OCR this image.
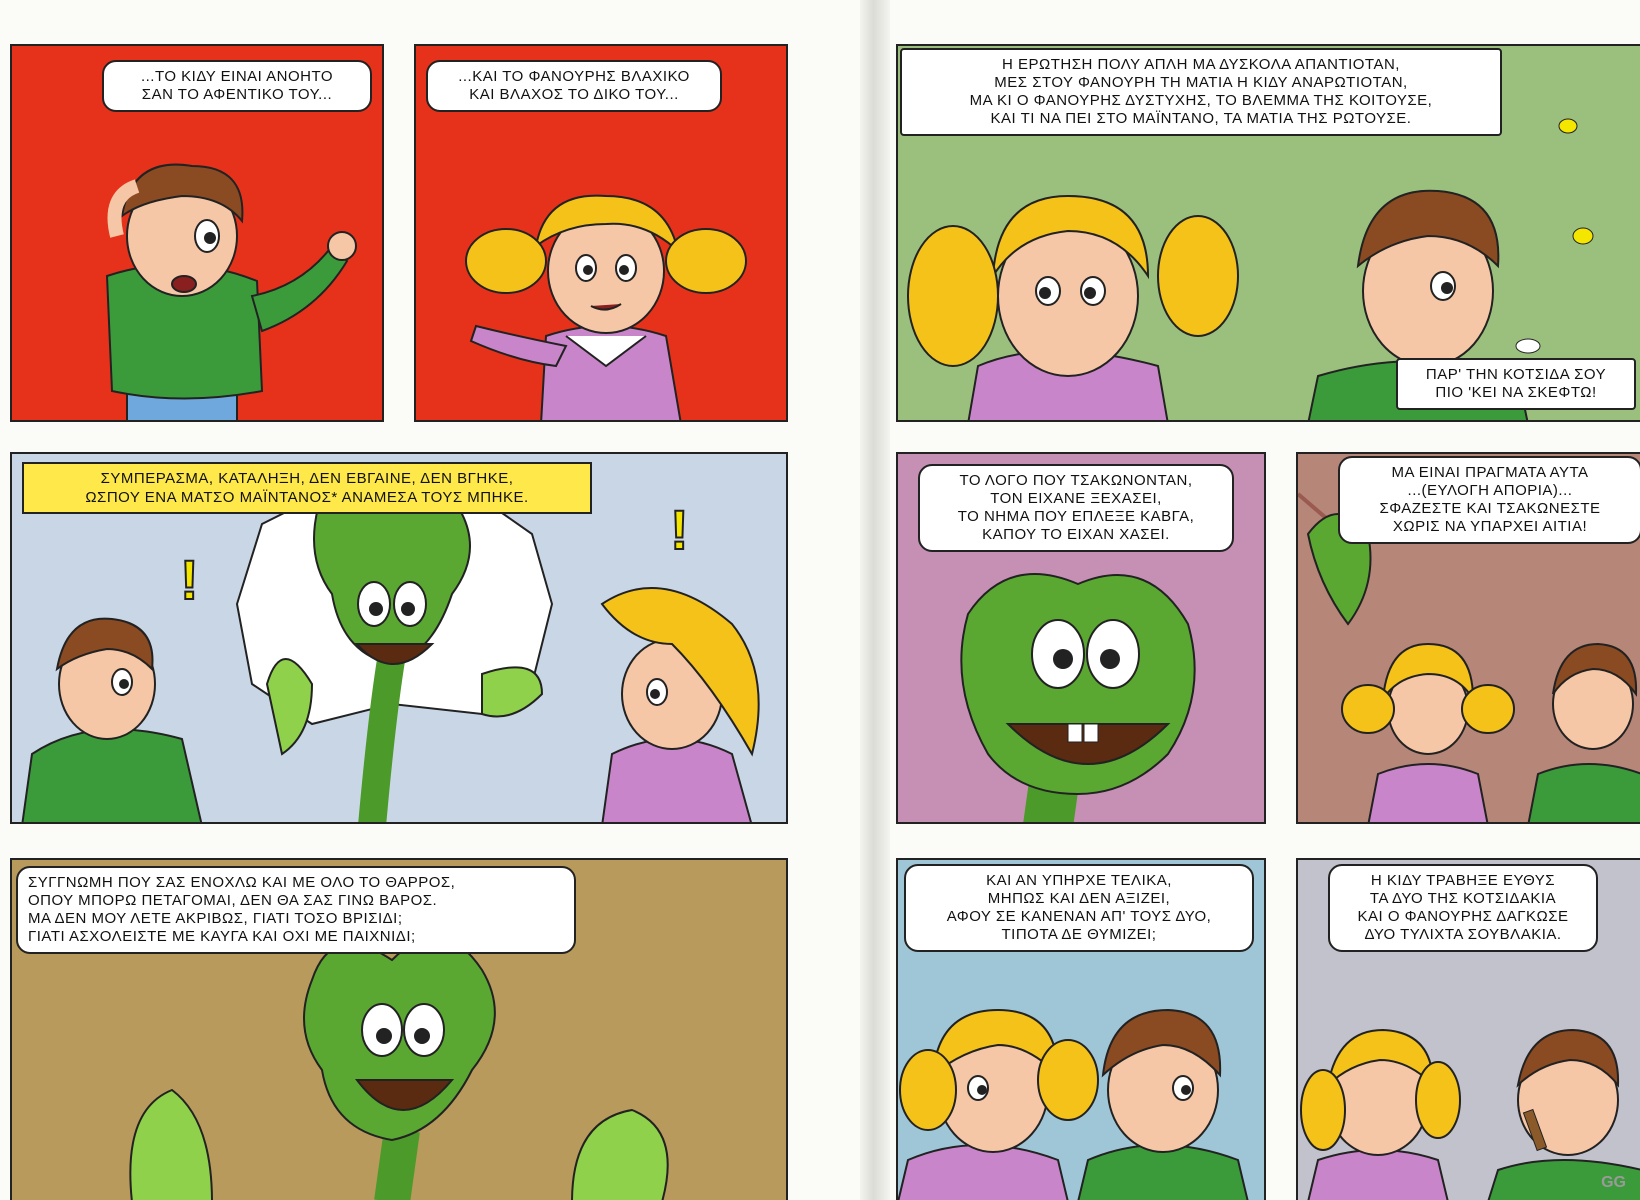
...ΤΟ ΚΙΔΥ ΕΙΝΑΙ ΑΝΟΗΤΟ
ΣΑΝ ΤΟ ΑΦΕΝΤΙΚΟ ΤΟΥ...
...ΚΑΙ ΤΟ ΦΑΝΟΥΡΗΣ ΒΛΑΧΙΚΟ
ΚΑΙ ΒΛΑΧΟΣ ΤΟ ΔΙΚΟ ΤΟΥ...
!
!
ΣΥΜΠΕΡΑΣΜΑ, ΚΑΤΑΛΗΞΗ, ΔΕΝ ΕΒΓΑΙΝΕ, ΔΕΝ ΒΓΗΚΕ,
ΩΣΠΟΥ ΕΝΑ ΜΑΤΣΟ ΜΑΪΝΤΑΝΟΣ* ΑΝΑΜΕΣΑ ΤΟΥΣ ΜΠΗΚΕ.
ΣΥΓΓΝΩΜΗ ΠΟΥ ΣΑΣ ΕΝΟΧΛΩ ΚΑΙ ΜΕ ΟΛΟ ΤΟ ΘΑΡΡΟΣ,
ΟΠΟΥ ΜΠΟΡΩ ΠΕΤΑΓΟΜΑΙ, ΔΕΝ ΘΑ ΣΑΣ ΓΙΝΩ ΒΑΡΟΣ.
ΜΑ ΔΕΝ ΜΟΥ ΛΕΤΕ ΑΚΡΙΒΩΣ, ΓΙΑΤΙ ΤΟΣΟ ΒΡΙΣΙΔΙ;
ΓΙΑΤΙ ΑΣΧΟΛΕΙΣΤΕ ΜΕ ΚΑΥΓΑ ΚΑΙ ΟΧΙ ΜΕ ΠΑΙΧΝΙΔΙ;
Η ΕΡΩΤΗΣΗ ΠΟΛΥ ΑΠΛΗ ΜΑ ΔΥΣΚΟΛΑ ΑΠΑΝΤΙΟΤΑΝ,
ΜΕΣ ΣΤΟΥ ΦΑΝΟΥΡΗ ΤΗ ΜΑΤΙΑ Η ΚΙΔΥ ΑΝΑΡΩΤΙΟΤΑΝ,
ΜΑ ΚΙ Ο ΦΑΝΟΥΡΗΣ ΔΥΣΤΥΧΗΣ, ΤΟ ΒΛΕΜΜΑ ΤΗΣ ΚΟΙΤΟΥΣΕ,
ΚΑΙ ΤΙ ΝΑ ΠΕΙ ΣΤΟ ΜΑΪΝΤΑΝΟ, ΤΑ ΜΑΤΙΑ ΤΗΣ ΡΩΤΟΥΣΕ.
ΠΑΡ' ΤΗΝ ΚΟΤΣΙΔΑ ΣΟΥ
ΠΙΟ 'ΚΕΙ ΝΑ ΣΚΕΦΤΩ!
ΤΟ ΛΟΓΟ ΠΟΥ ΤΣΑΚΩΝΟΝΤΑΝ,
ΤΟΝ ΕΙΧΑΝΕ ΞΕΧΑΣΕΙ,
ΤΟ ΝΗΜΑ ΠΟΥ ΕΠΛΕΞΕ ΚΑΒΓΑ,
ΚΑΠΟΥ ΤΟ ΕΙΧΑΝ ΧΑΣΕΙ.
ΜΑ ΕΙΝΑΙ ΠΡΑΓΜΑΤΑ ΑΥΤΑ
...(ΕΥΛΟΓΗ ΑΠΟΡΙΑ)...
ΣΦΑΖΕΣΤΕ ΚΑΙ ΤΣΑΚΩΝΕΣΤΕ
ΧΩΡΙΣ ΝΑ ΥΠΑΡΧΕΙ ΑΙΤΙΑ!
ΚΑΙ ΑΝ ΥΠΗΡΧΕ ΤΕΛΙΚΑ,
ΜΗΠΩΣ ΚΑΙ ΔΕΝ ΑΞΙΖΕΙ,
ΑΦΟΥ ΣΕ ΚΑΝΕΝΑΝ ΑΠ' ΤΟΥΣ ΔΥΟ,
ΤΙΠΟΤΑ ΔΕ ΘΥΜΙΖΕΙ;
Η ΚΙΔΥ ΤΡΑΒΗΞΕ ΕΥΘΥΣ
ΤΑ ΔΥΟ ΤΗΣ ΚΟΤΣΙΔΑΚΙΑ
ΚΑΙ Ο ΦΑΝΟΥΡΗΣ ΔΑΓΚΩΣΕ
ΔΥΟ ΤΥΛΙΧΤΑ ΣΟΥΒΛΑΚΙΑ.
GG
